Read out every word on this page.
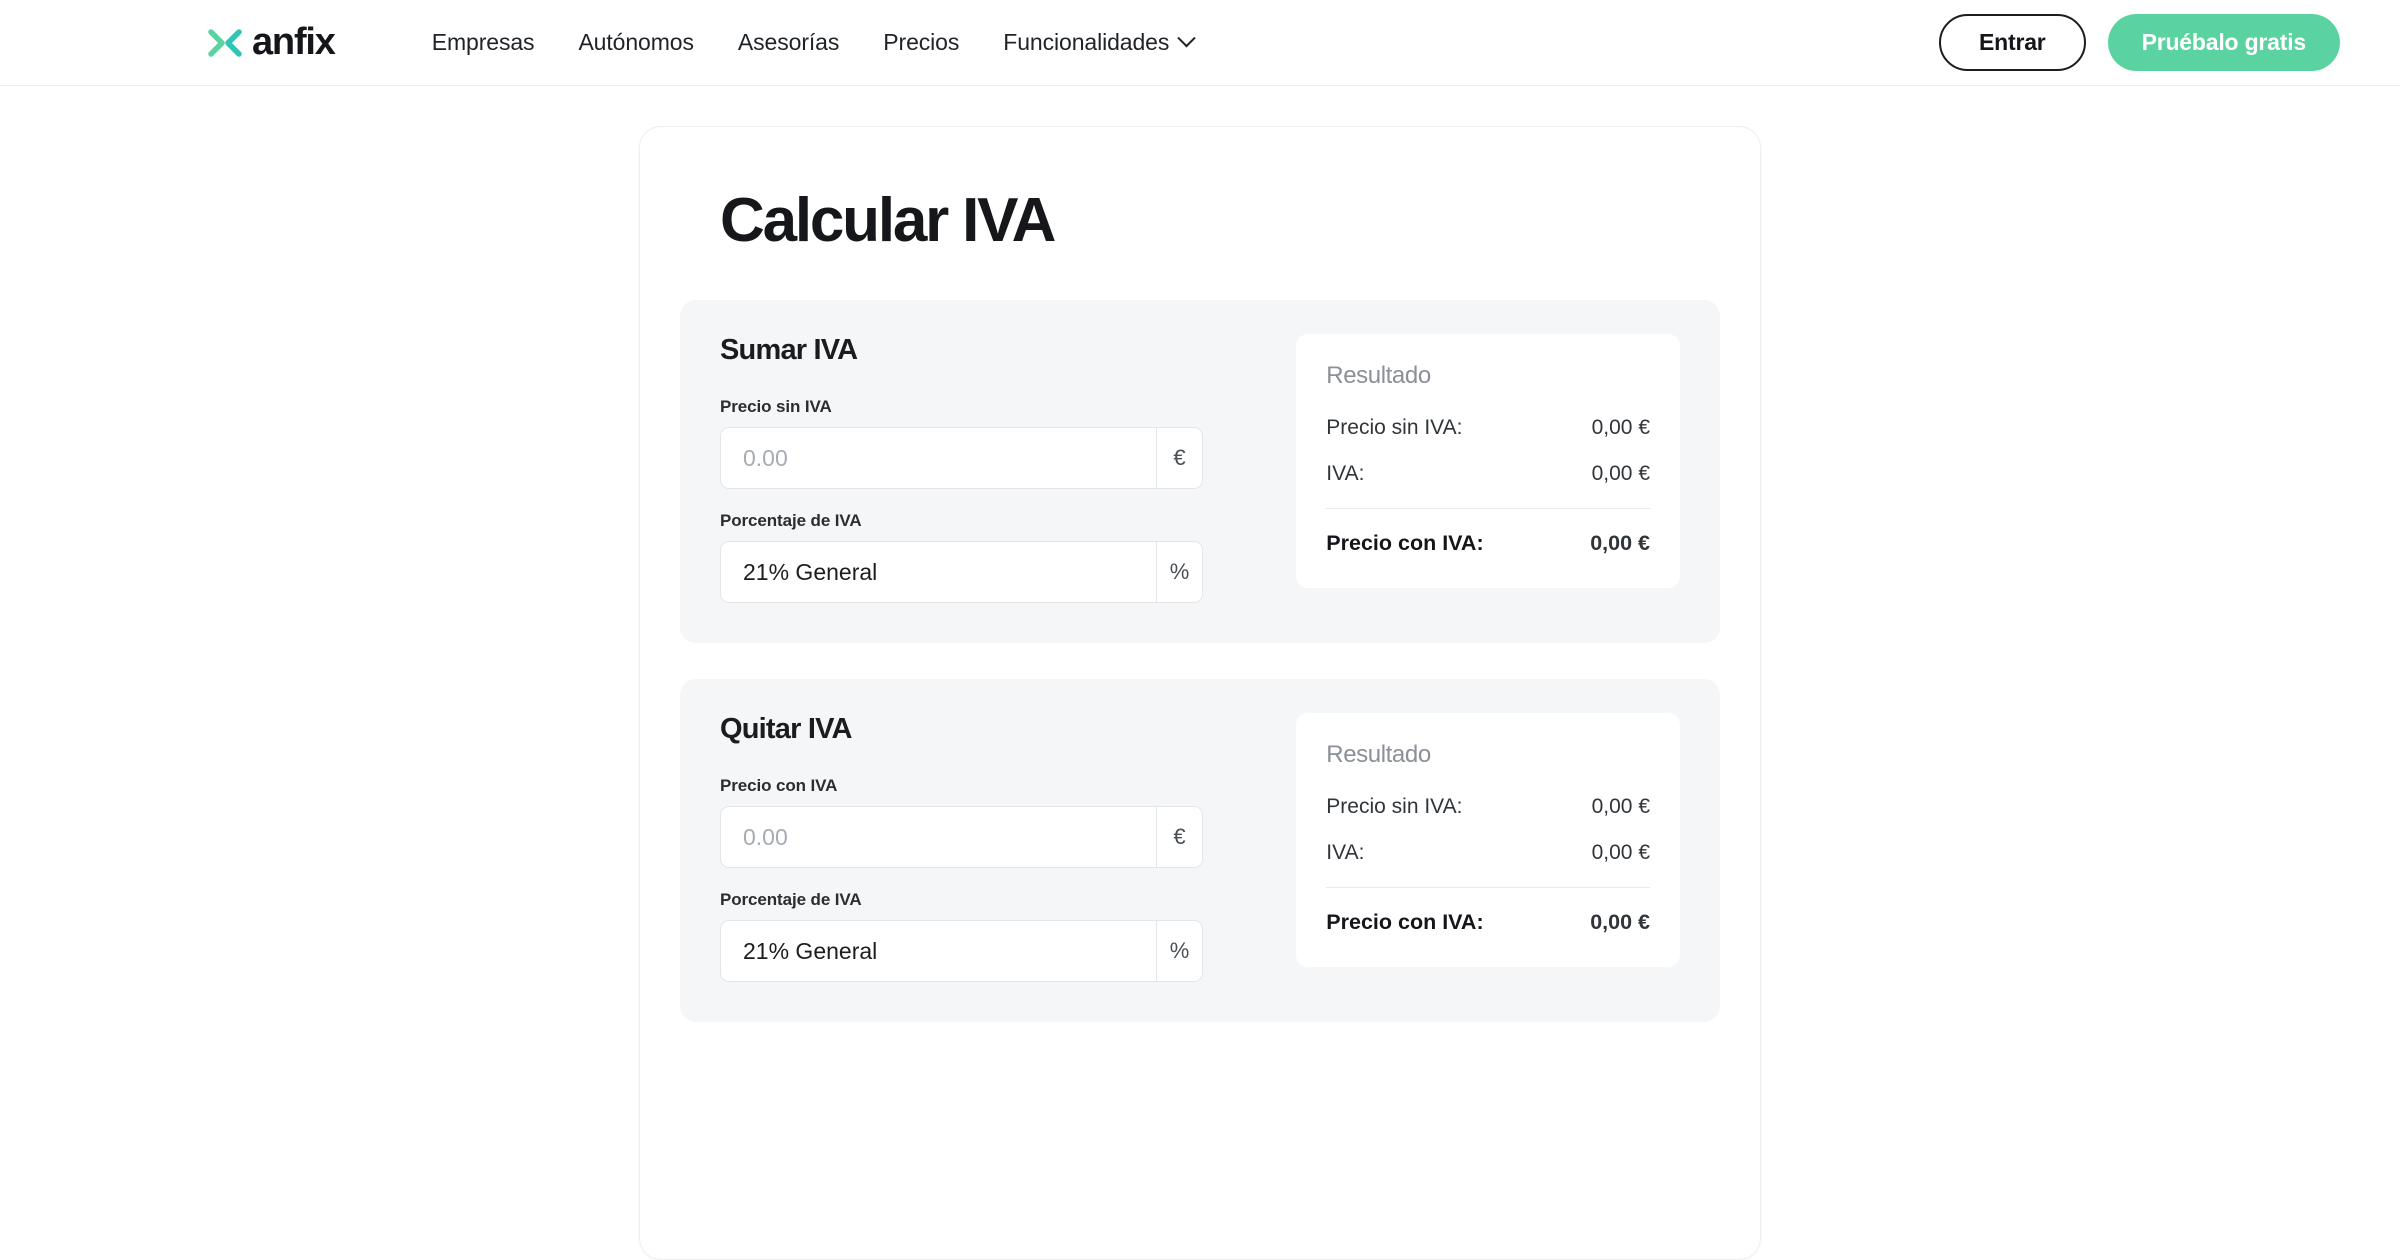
anfix	Empresas Autónomos Asesorías Precios Funcionalidades	Entrar	Pruébalo gratis
Calcular IVA
Sumar IVA
Precio sin IVA
0.00
€
Porcentaje de IVA
21% General
%
Resultado
Precio sin IVA:	0,00 €
IVA:	0,00 €
Precio con IVA:	0,00 €
Quitar IVA
Precio con IVA
0.00
€
Porcentaje de IVA
21% General
%
Resultado
Precio sin IVA:	0,00 €
IVA:	0,00 €
Precio con IVA:	0,00 €
